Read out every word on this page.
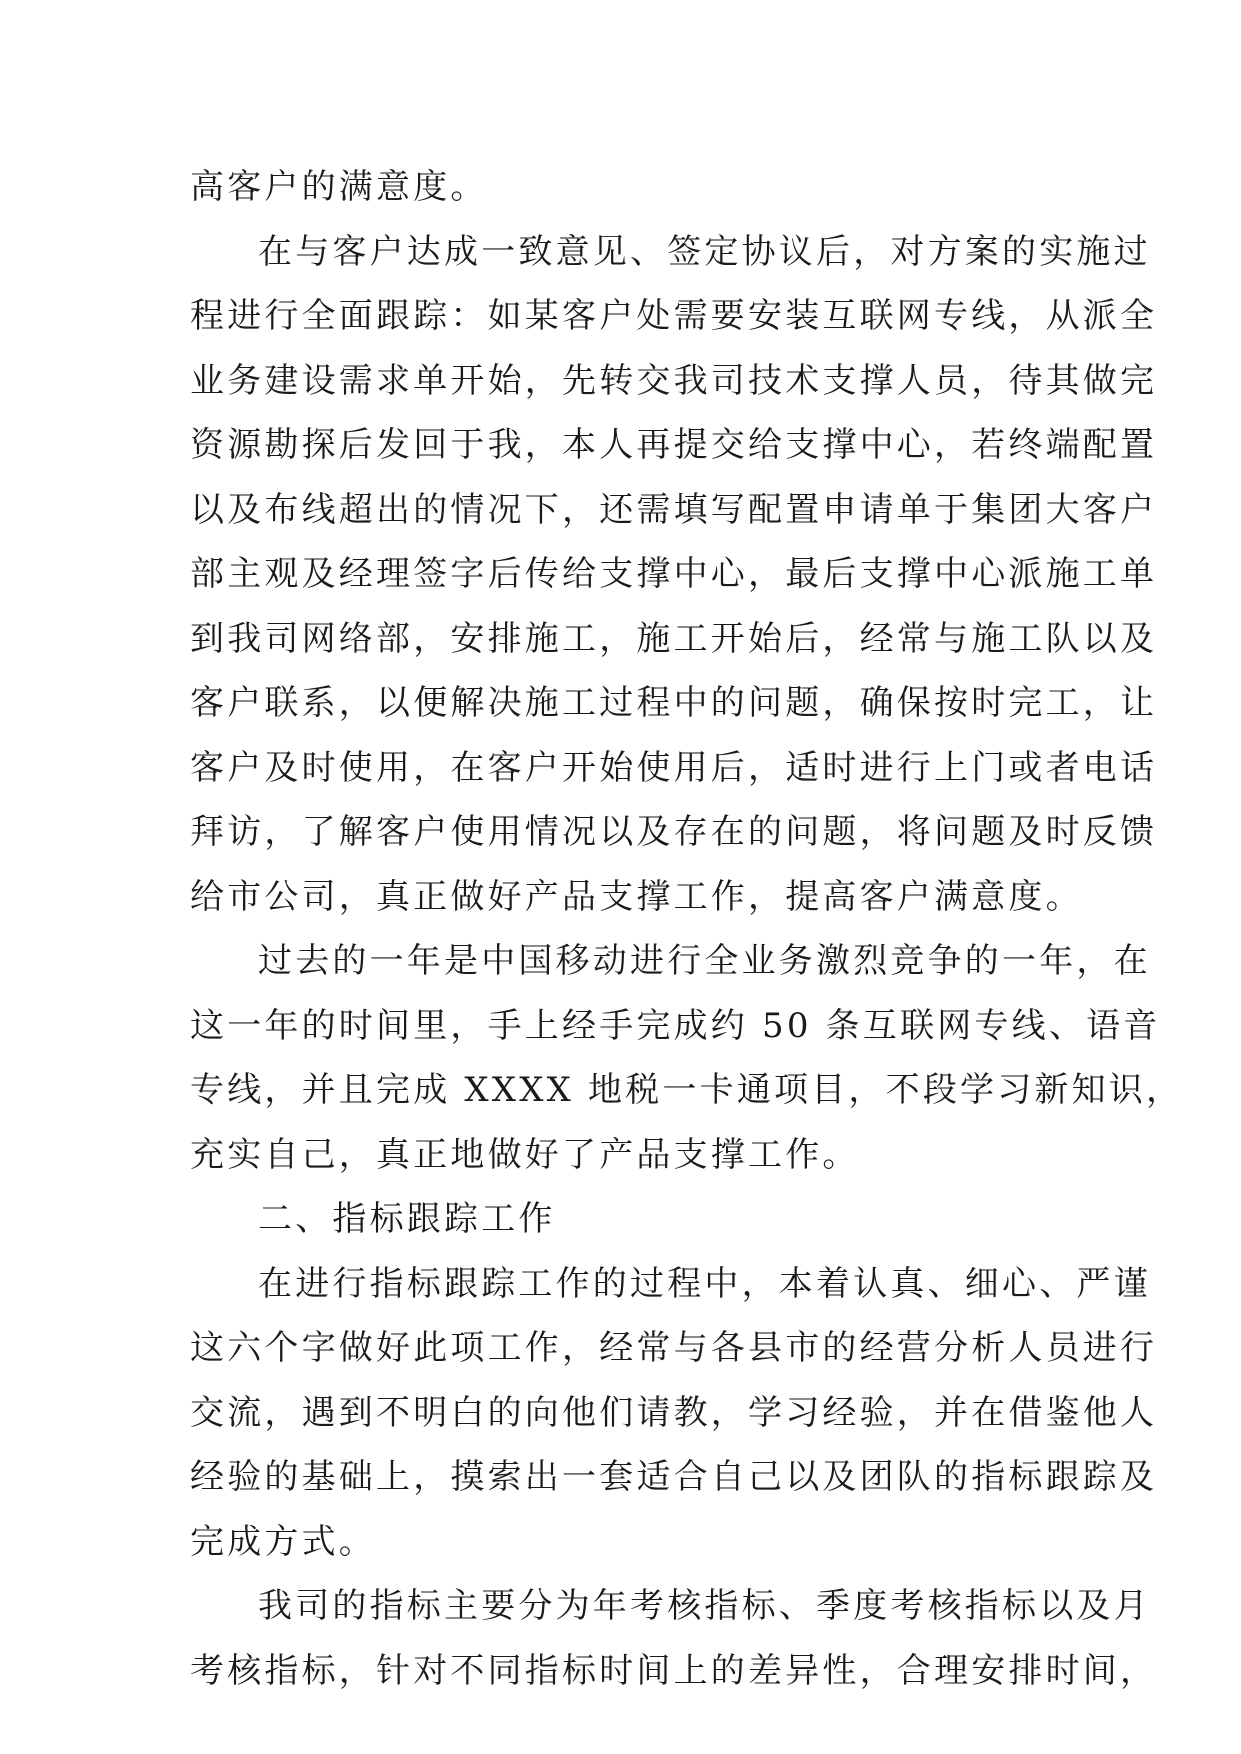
高客户的满意度。
在与客户达成一致意见、签定协议后，对方案的实施过
程进行全面跟踪：如某客户处需要安装互联网专线，从派全
业务建设需求单开始，先转交我司技术支撑人员，待其做完
资源勘探后发回于我，本人再提交给支撑中心，若终端配置
以及布线超出的情况下，还需填写配置申请单于集团大客户
部主观及经理签字后传给支撑中心，最后支撑中心派施工单
到我司网络部，安排施工，施工开始后，经常与施工队以及
客户联系，以便解决施工过程中的问题，确保按时完工，让
客户及时使用，在客户开始使用后，适时进行上门或者电话
拜访，了解客户使用情况以及存在的问题，将问题及时反馈
给市公司，真正做好产品支撑工作，提高客户满意度。
过去的一年是中国移动进行全业务激烈竞争的一年，在
这一年的时间里，手上经手完成约 50 条互联网专线、语音
专线，并且完成 XXXX 地税一卡通项目，不段学习新知识，
充实自己，真正地做好了产品支撑工作。
二、指标跟踪工作
在进行指标跟踪工作的过程中，本着认真、细心、严谨
这六个字做好此项工作，经常与各县市的经营分析人员进行
交流，遇到不明白的向他们请教，学习经验，并在借鉴他人
经验的基础上，摸索出一套适合自己以及团队的指标跟踪及
完成方式。
我司的指标主要分为年考核指标、季度考核指标以及月
考核指标，针对不同指标时间上的差异性，合理安排时间，
